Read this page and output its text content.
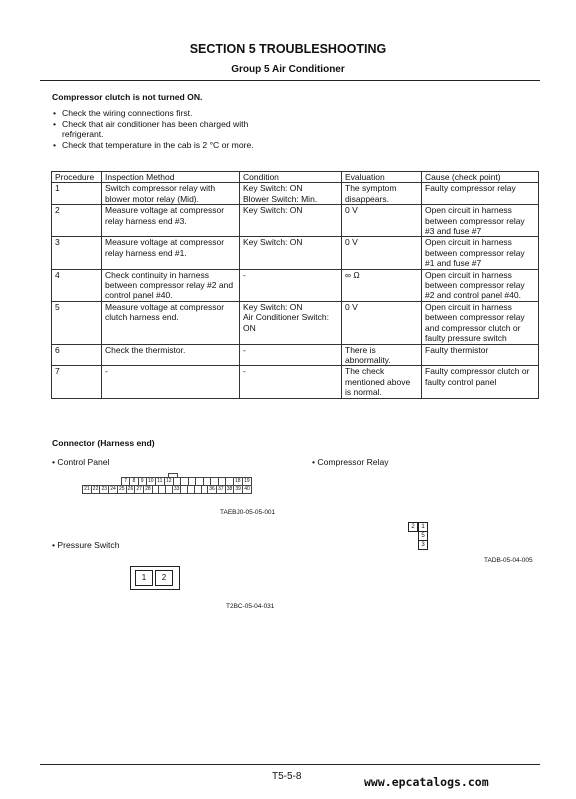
SECTION 5 TROUBLESHOOTING
Group 5 Air Conditioner
Compressor clutch is not turned ON.
• Check the wiring connections first.
• Check that air conditioner has been charged with refrigerant.
• Check that temperature in the cab is 2 °C or more.
Procedure	Inspection Method	Condition	Evaluation	Cause (check point)
1	Switch compressor relay with blower motor relay (Mid).	Key Switch: ON
Blower Switch: Min.	The symptom disappears.	Faulty compressor relay
2	Measure voltage at compressor relay harness end #3.	Key Switch: ON	0 V	Open circuit in harness between compressor relay #3 and fuse #7
3	Measure voltage at compressor relay harness end #1.	Key Switch: ON	0 V	Open circuit in harness between compressor relay #1 and fuse #7
4	Check continuity in harness between compressor relay #2 and control panel #40.	-	∞ Ω	Open circuit in harness between compressor relay #2 and control panel #40.
5	Measure voltage at compressor clutch harness end.	Key Switch: ON
Air Conditioner Switch: ON	0 V	Open circuit in harness between compressor relay and compressor clutch or faulty pressure switch
6	Check the thermistor.	-	There is abnormality.	Faulty thermistor
7	-	-	The check mentioned above is normal.	Faulty compressor clutch or faulty control panel
Connector (Harness end)
• Control Panel	• Compressor Relay
						7	8	9	10	11	12									18	19
21	22	23	24	25	26	27	28				33					36	37	38	39	40
TAEBJ0-05-05-001
2	1
5
3
TADB-05-04-005
• Pressure Switch
1	2
T2BC-05-04-031
T5-5-8	www.epcatalogs.com
